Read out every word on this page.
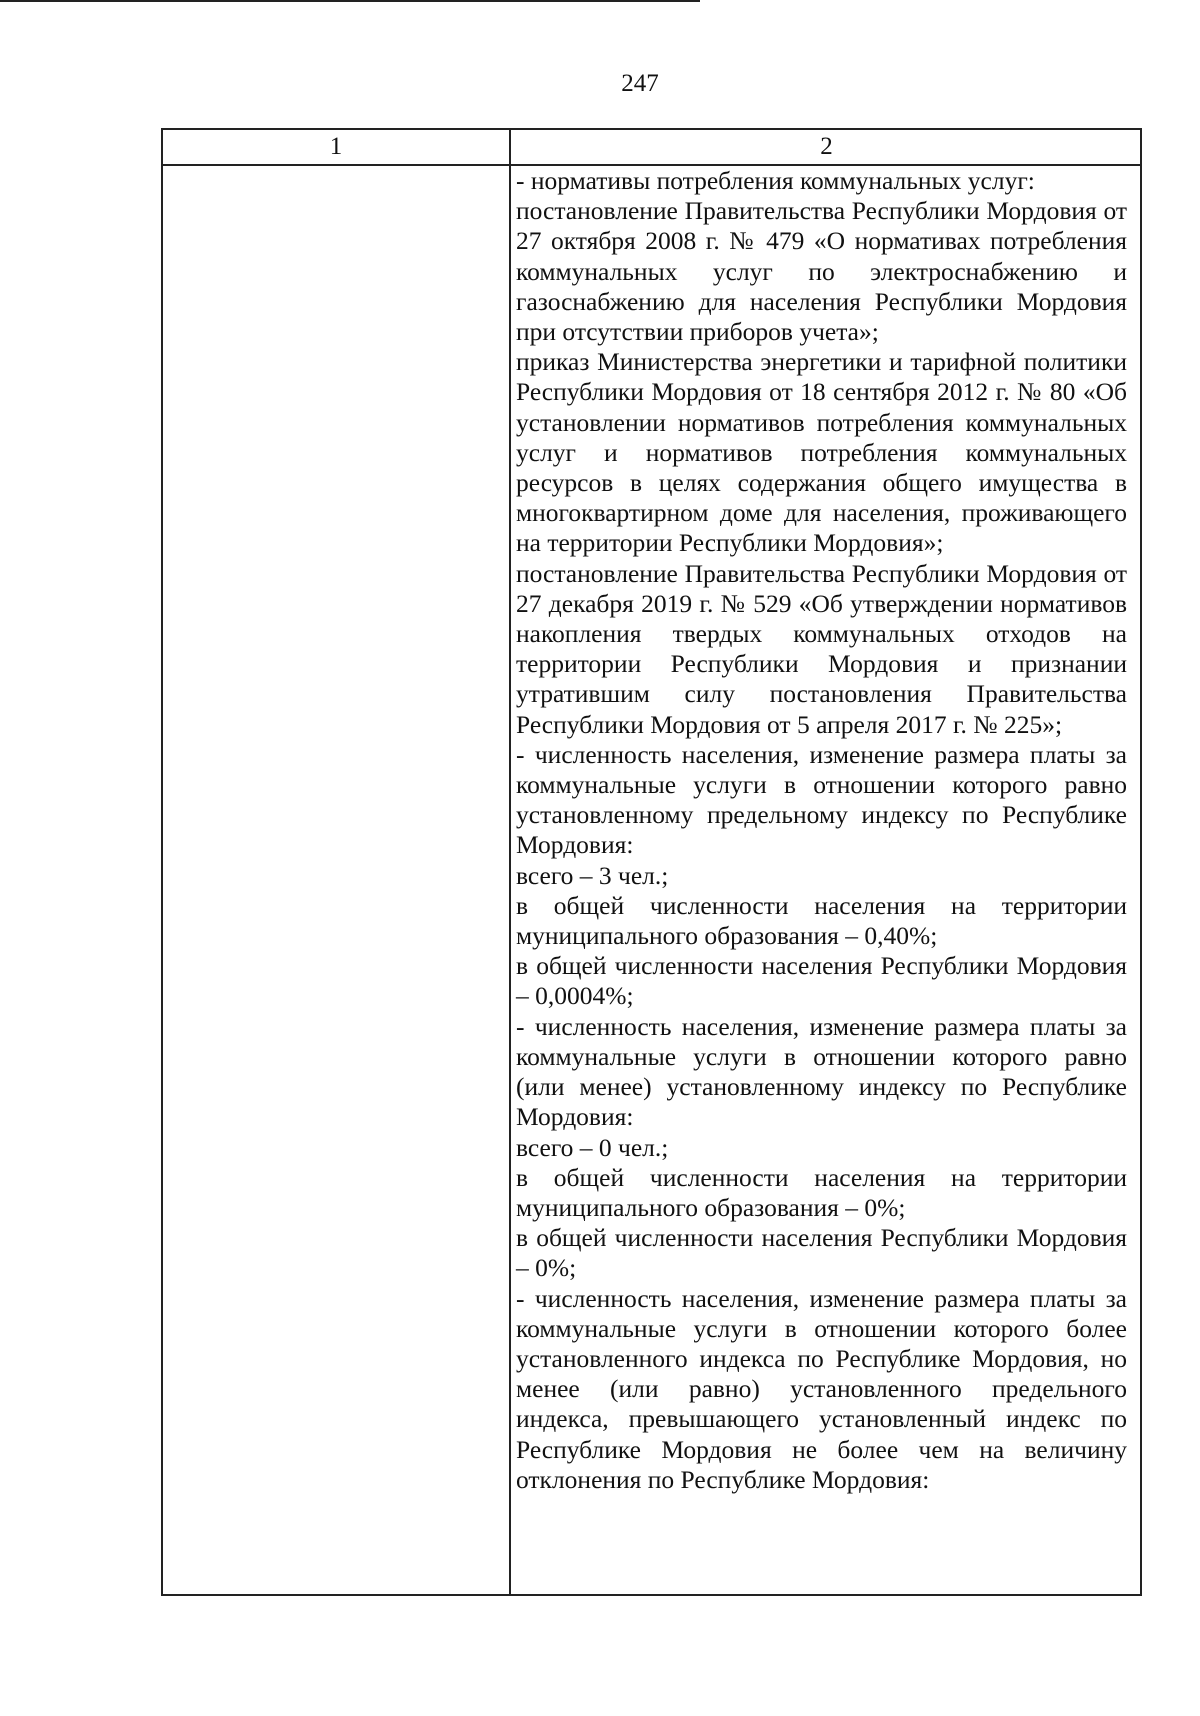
247
1	2

- нормативы потребления коммунальных услуг:

постановление Правительства Республики Мордовия от 27 октября 2008 г. № 479 «О нормативах потребления коммунальных услуг по электроснабжению и газоснабжению для населения Республики Мордовия при отсутствии приборов учета»;

приказ Министерства энергетики и тарифной политики Республики Мордовия от 18 сентября 2012 г. № 80 «Об установлении нормативов потребления коммунальных услуг и нормативов потребления коммунальных ресурсов в целях содержания общего имущества в многоквартирном доме для населения, проживающего на территории Республики Мордовия»;

постановление Правительства Республики Мордовия от 27 декабря 2019 г. № 529 «Об утверждении нормативов накопления твердых коммунальных отходов на территории Республики Мордовия и признании утратившим силу постановления Правительства Республики Мордовия от 5 апреля 2017 г. № 225»;

- численность населения, изменение размера платы за коммунальные услуги в отношении которого равно установленному предельному индексу по Республике Мордовия:

всего – 3 чел.;

в общей численности населения на территории муниципального образования – 0,40%;

в общей численности населения Республики Мордовия – 0,0004%;

- численность населения, изменение размера платы за коммунальные услуги в отношении которого равно (или менее) установленному индексу по Республике Мордовия:

всего – 0 чел.;

в общей численности населения на территории муниципального образования – 0%;

в общей численности населения Республики Мордовия – 0%;

- численность населения, изменение размера платы за коммунальные услуги в отношении которого более установленного индекса по Республике Мордовия, но менее (или равно) установленного предельного индекса, превышающего установленный индекс по Республике Мордовия не более чем на величину отклонения по Республике Мордовия:
